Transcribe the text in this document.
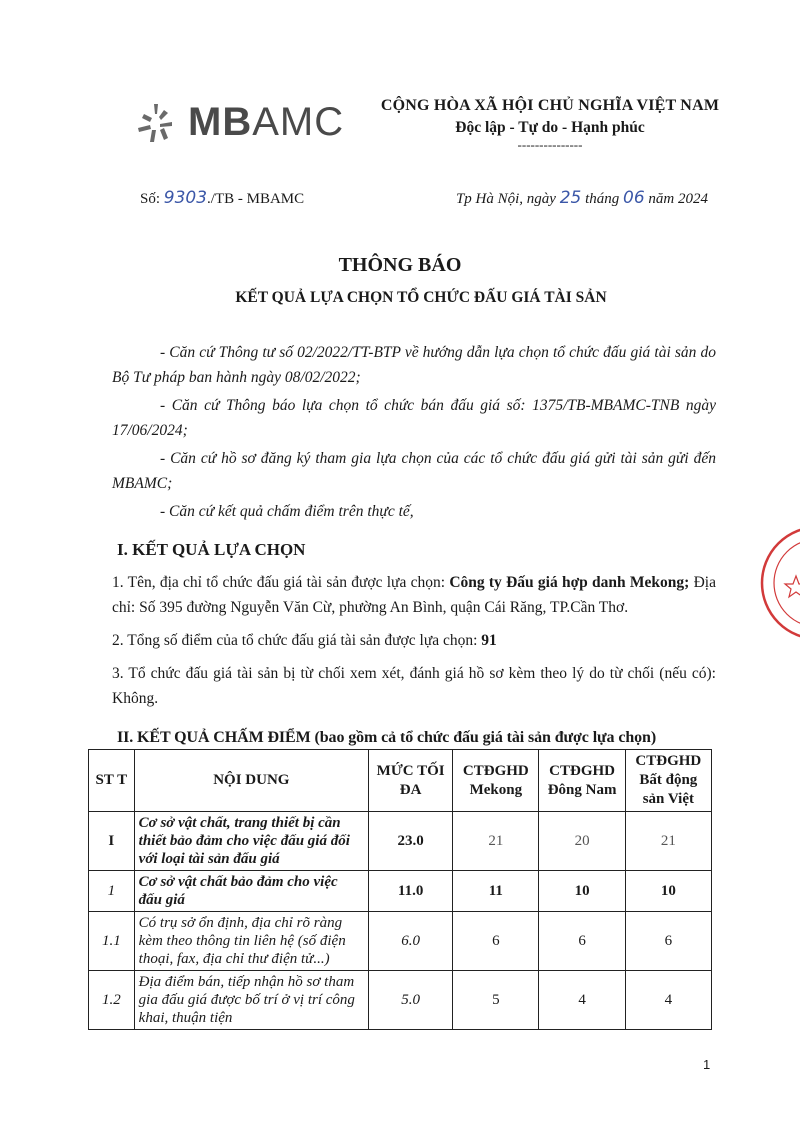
MBAMC CỘNG HÒA XÃ HỘI CHỦ NGHĨA VIỆT NAM
Độc lập - Tự do - Hạnh phúc
---------------
Số: 9303./TB - MBAMC	Tp Hà Nội, ngày 25 tháng 06 năm 2024
THÔNG BÁO
KẾT QUẢ LỰA CHỌN TỔ CHỨC ĐẤU GIÁ TÀI SẢN

- Căn cứ Thông tư số 02/2022/TT-BTP về hướng dẫn lựa chọn tổ chức đấu giá tài sản do Bộ Tư pháp ban hành ngày 08/02/2022;

- Căn cứ Thông báo lựa chọn tổ chức bán đấu giá số: 1375/TB-MBAMC-TNB ngày 17/06/2024;

- Căn cứ hồ sơ đăng ký tham gia lựa chọn của các tổ chức đấu giá gửi tài sản gửi đến MBAMC;

- Căn cứ kết quả chấm điểm trên thực tế,

I. KẾT QUẢ LỰA CHỌN

1. Tên, địa chỉ tổ chức đấu giá tài sản được lựa chọn: Công ty Đấu giá hợp danh Mekong; Địa chỉ: Số 395 đường Nguyễn Văn Cừ, phường An Bình, quận Cái Răng, TP.Cần Thơ.

2. Tổng số điểm của tổ chức đấu giá tài sản được lựa chọn: 91

3. Tổ chức đấu giá tài sản bị từ chối xem xét, đánh giá hồ sơ kèm theo lý do từ chối (nếu có): Không.

II. KẾT QUẢ CHẤM ĐIỂM (bao gồm cả tổ chức đấu giá tài sản được lựa chọn)
ST T	NỘI DUNG	MỨC TỐI ĐA	CTĐGHD Mekong	CTĐGHD Đông Nam	CTĐGHD Bất động sản Việt
I	Cơ sở vật chất, trang thiết bị cần thiết bảo đảm cho việc đấu giá đối với loại tài sản đấu giá	23.0	21	20	21
1	Cơ sở vật chất bảo đảm cho việc đấu giá	11.0	11	10	10
1.1	Có trụ sở ổn định, địa chỉ rõ ràng kèm theo thông tin liên hệ (số điện thoại, fax, địa chỉ thư điện tử...)	6.0	6	6	6
1.2	Địa điểm bán, tiếp nhận hồ sơ tham gia đấu giá được bố trí ở vị trí công khai, thuận tiện	5.0	5	4	4
1
